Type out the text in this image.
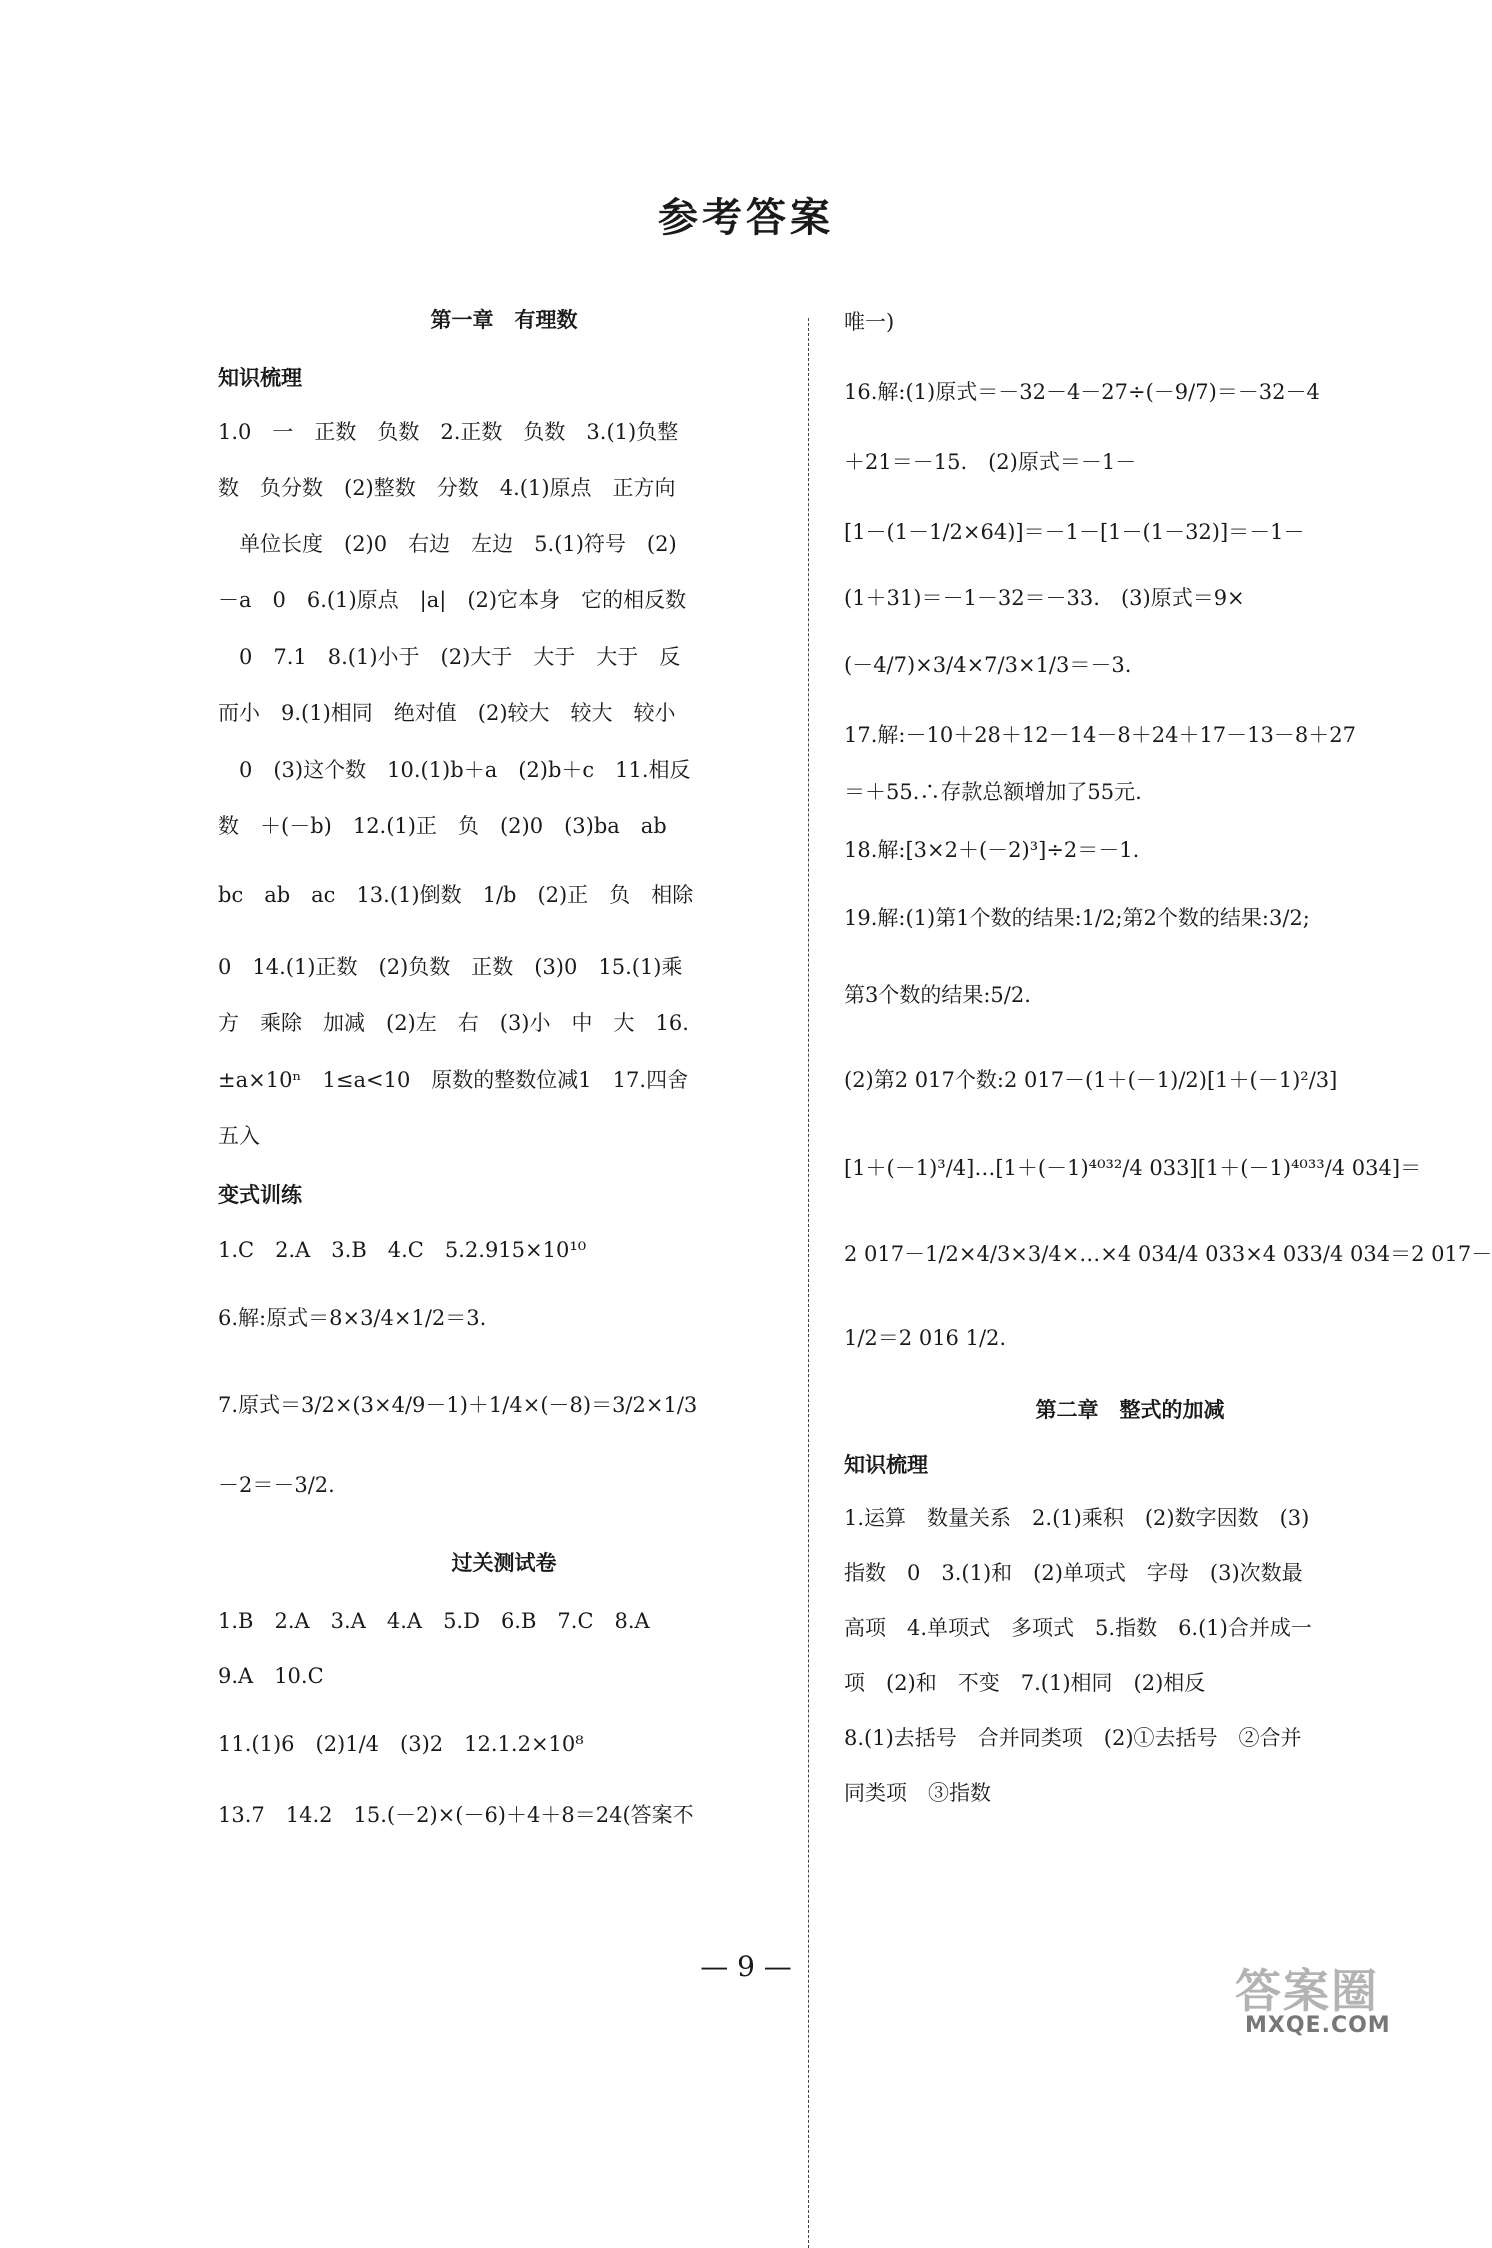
参考答案
第一章　有理数
知识梳理
1.0　一　正数　负数　2.正数　负数　3.(1)负整
数　负分数　(2)整数　分数　4.(1)原点　正方向
　单位长度　(2)0　右边　左边　5.(1)符号　(2)
－a　0　6.(1)原点　|a|　(2)它本身　它的相反数
　0　7.1　8.(1)小于　(2)大于　大于　大于　反
而小　9.(1)相同　绝对值　(2)较大　较大　较小
　0　(3)这个数　10.(1)b＋a　(2)b＋c　11.相反
数　＋(－b)　12.(1)正　负　(2)0　(3)ba　ab
bc　ab　ac　13.(1)倒数　1/b　(2)正　负　相除
0　14.(1)正数　(2)负数　正数　(3)0　15.(1)乘
方　乘除　加减　(2)左　右　(3)小　中　大　16.
±a×10ⁿ　1≤a<10　原数的整数位减1　17.四舍
五入
变式训练
1.C　2.A　3.B　4.C　5.2.915×10¹⁰
6.解:原式＝8×3/4×1/2＝3.
7.原式＝3/2×(3×4/9－1)＋1/4×(－8)＝3/2×1/3
－2＝－3/2.
过关测试卷
1.B　2.A　3.A　4.A　5.D　6.B　7.C　8.A
9.A　10.C
11.(1)6　(2)1/4　(3)2　12.1.2×10⁸
13.7　14.2　15.(－2)×(－6)＋4＋8＝24(答案不
唯一)
16.解:(1)原式＝－32－4－27÷(－9/7)＝－32－4
＋21＝－15.　(2)原式＝－1－
[1－(1－1/2×64)]＝－1－[1－(1－32)]＝－1－
(1＋31)＝－1－32＝－33.　(3)原式＝9×
(－4/7)×3/4×7/3×1/3＝－3.
17.解:－10＋28＋12－14－8＋24＋17－13－8＋27
＝＋55.∴存款总额增加了55元.
18.解:[3×2＋(－2)³]÷2＝－1.
19.解:(1)第1个数的结果:1/2;第2个数的结果:3/2;
第3个数的结果:5/2.
(2)第2 017个数:2 017－(1＋(－1)/2)[1＋(－1)²/3]
[1＋(－1)³/4]…[1＋(－1)⁴⁰³²/4 033][1＋(－1)⁴⁰³³/4 034]＝
2 017－1/2×4/3×3/4×…×4 034/4 033×4 033/4 034＝2 017－
1/2＝2 016 1/2.
第二章　整式的加减
知识梳理
1.运算　数量关系　2.(1)乘积　(2)数字因数　(3)
指数　0　3.(1)和　(2)单项式　字母　(3)次数最
高项　4.单项式　多项式　5.指数　6.(1)合并成一
项　(2)和　不变　7.(1)相同　(2)相反
8.(1)去括号　合并同类项　(2)①去括号　②合并
同类项　③指数
— 9 —	答案圈
MXQE.COM
